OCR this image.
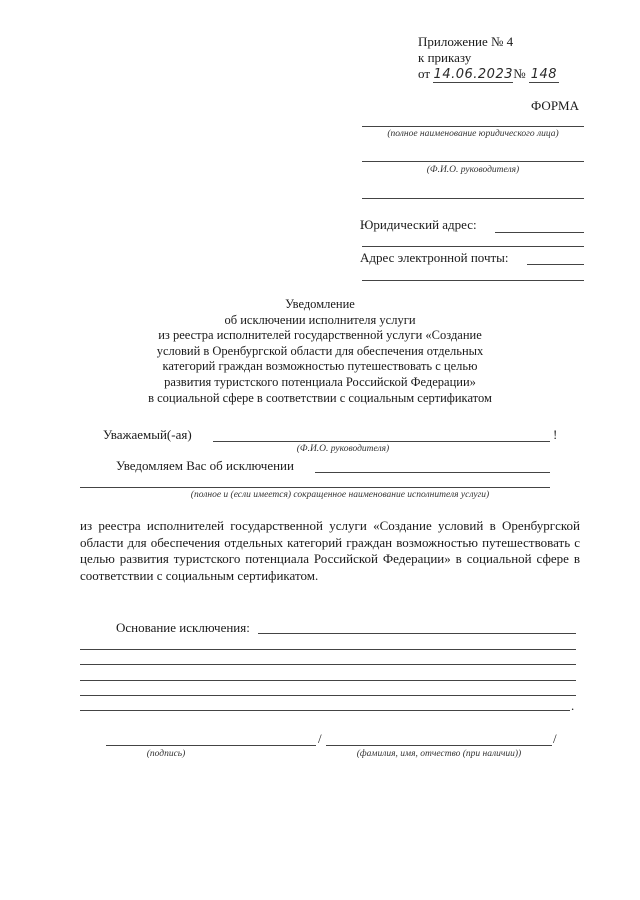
Приложение № 4
к приказу
от 14.06.2023№ 148
ФОРМА
(полное наименование юридического лица)
(Ф.И.О. руководителя)
Юридический адрес:
Адрес электронной почты:
Уведомление
об исключении исполнителя услуги
из реестра исполнителей государственной услуги «Создание
условий в Оренбургской области для обеспечения отдельных
категорий граждан возможностью путешествовать с целью
развития туристского потенциала Российской Федерации»
в социальной сфере в соответствии с социальным сертификатом
Уважаемый(-ая)	!
(Ф.И.О. руководителя)
Уведомляем Вас об исключении
(полное и (если имеется) сокращенное наименование исполнителя услуги)
из реестра исполнителей государственной услуги «Создание условий в Оренбургской области для обеспечения отдельных категорий граждан возможностью путешествовать с целью развития туристского потенциала Российской Федерации» в социальной сфере в соответствии с социальным сертификатом.
Основание исключения:
.
/	/
(подпись)	(фамилия, имя, отчество (при наличии))
